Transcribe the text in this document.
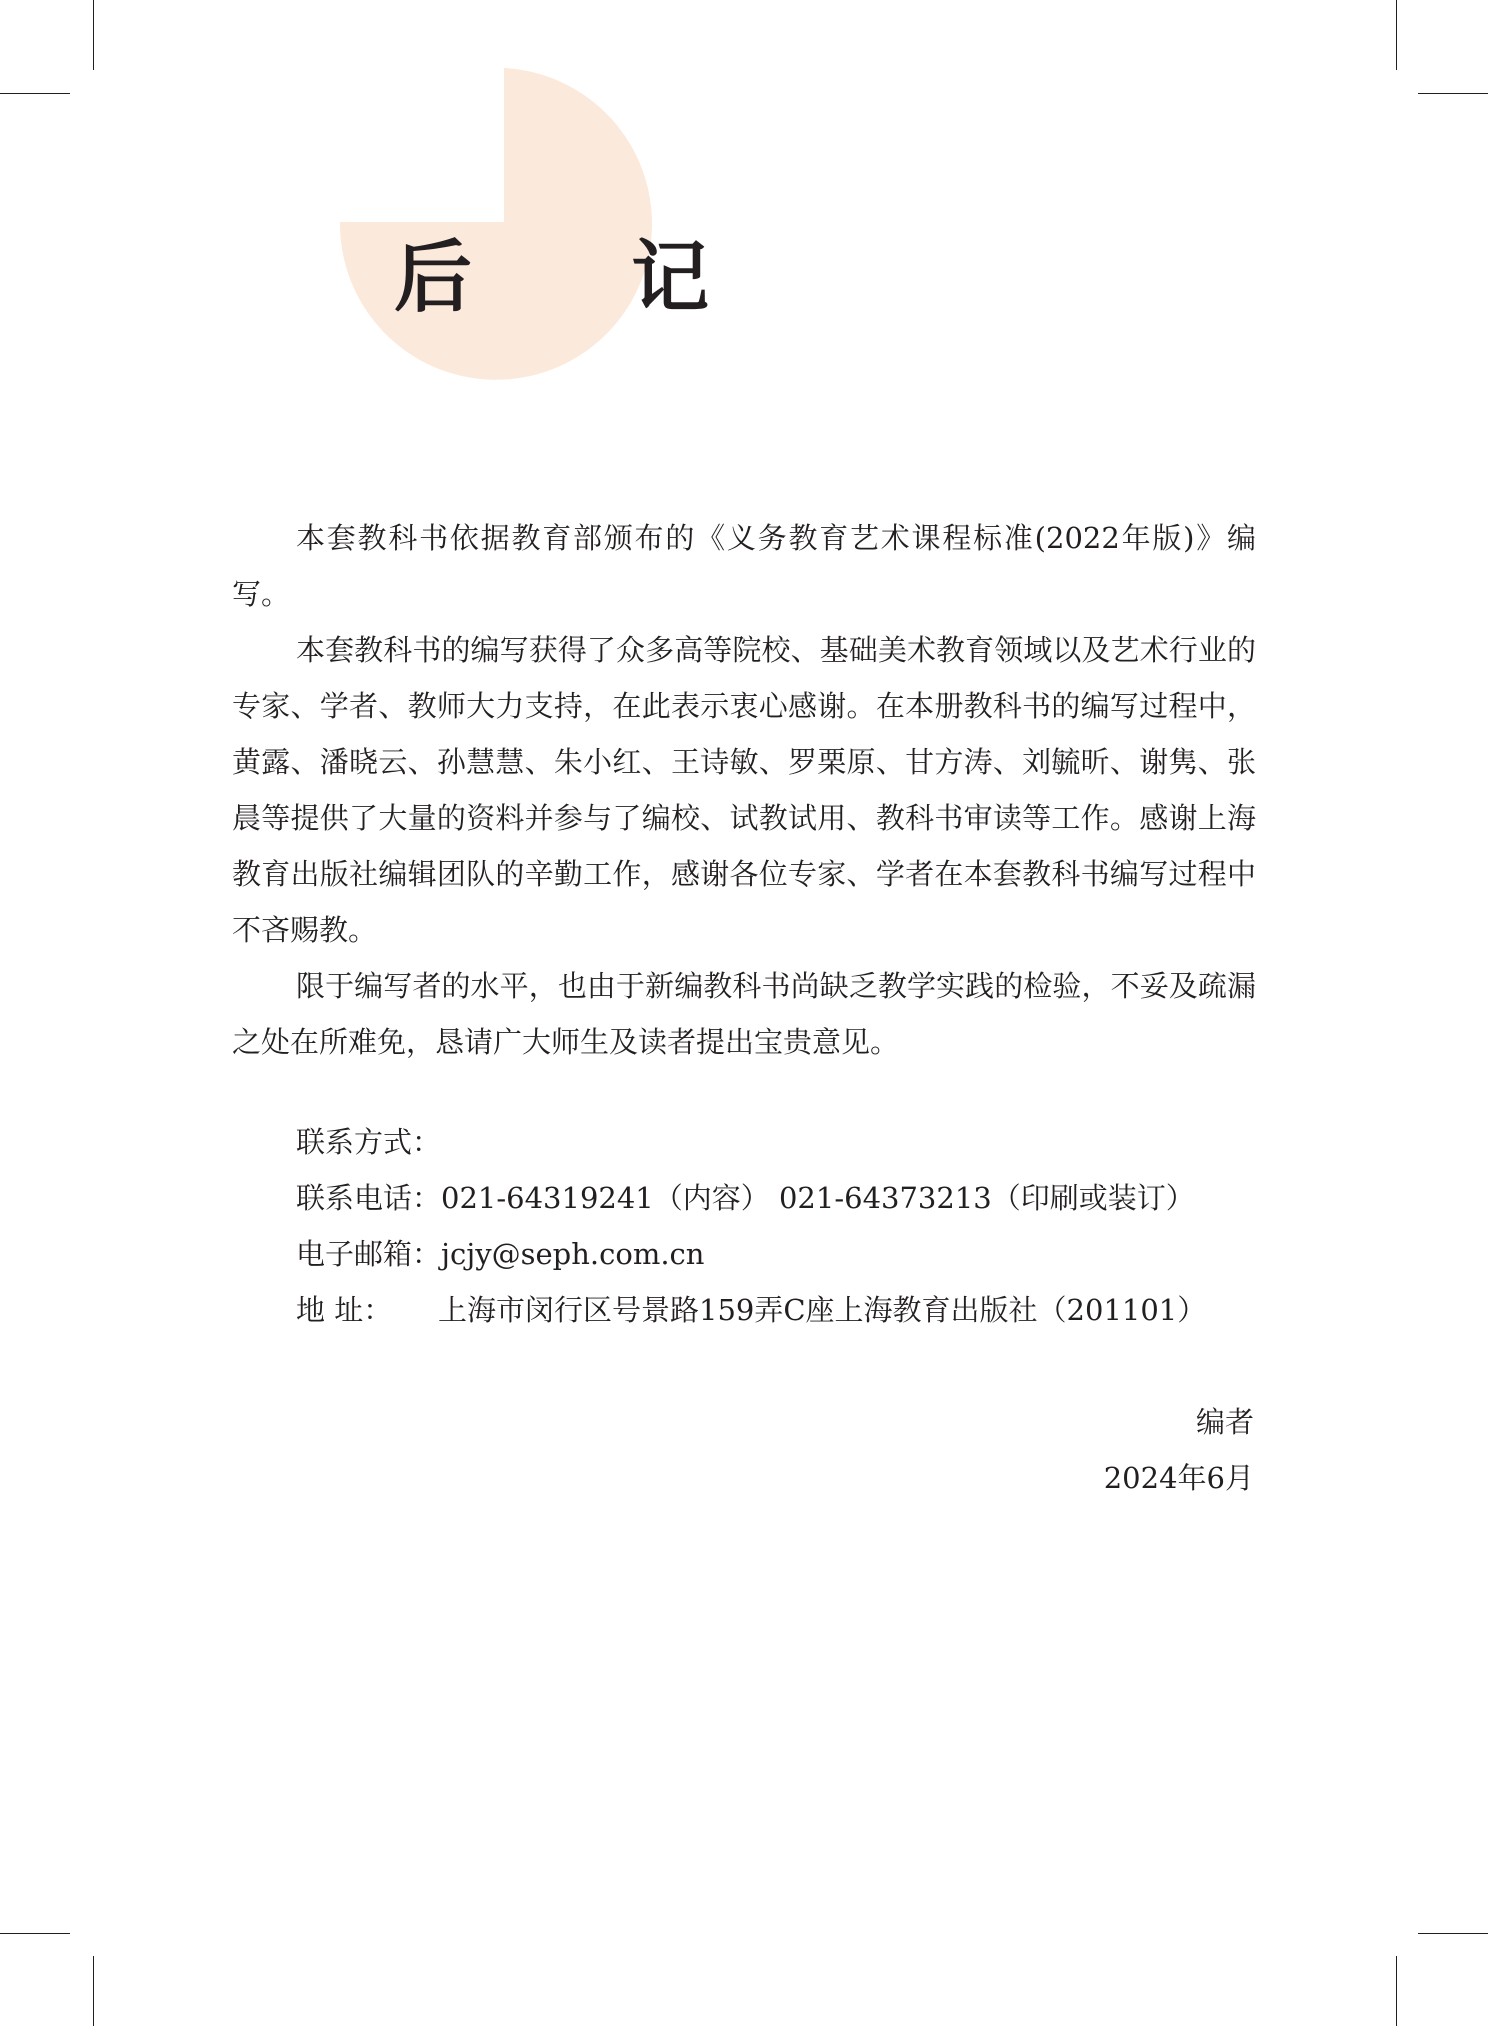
后 记

本套教科书依据教育部颁布的《义务教育艺术课程标准(2022年版)》编写。

本套教科书的编写获得了众多高等院校、基础美术教育领域以及艺术行业的专家、学者、教师大力支持，在此表示衷心感谢。在本册教科书的编写过程中，黄露、潘晓云、孙慧慧、朱小红、王诗敏、罗栗原、甘方涛、刘毓昕、谢隽、张晨等提供了大量的资料并参与了编校、试教试用、教科书审读等工作。感谢上海教育出版社编辑团队的辛勤工作，感谢各位专家、学者在本套教科书编写过程中不吝赐教。

限于编写者的水平，也由于新编教科书尚缺乏教学实践的检验，不妥及疏漏之处在所难免，恳请广大师生及读者提出宝贵意见。

联系方式：
联系电话：021-64319241（内容） 021-64373213（印刷或装订）
电子邮箱：jcjy@seph.com.cn
地 址： 上海市闵行区号景路159弄C座上海教育出版社（201101）
编者
2024年6月
